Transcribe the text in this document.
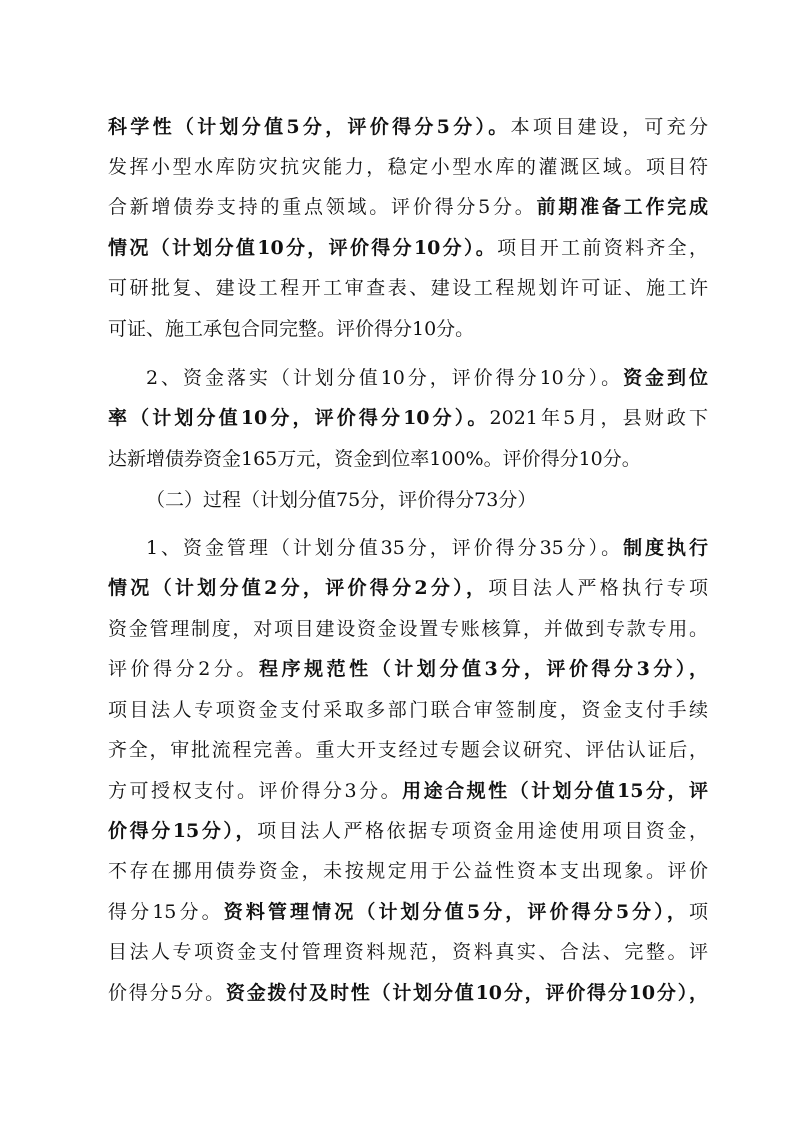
科学性（计划分值5分，评价得分5分）。本项目建设，可充分
发挥小型水库防灾抗灾能力，稳定小型水库的灌溉区域。项目符
合新增债券支持的重点领域。评价得分5分。前期准备工作完成
情况（计划分值10分，评价得分10分）。项目开工前资料齐全，
可研批复、建设工程开工审查表、建设工程规划许可证、施工许
可证、施工承包合同完整。评价得分10分。
2、资金落实（计划分值10分，评价得分10分）。资金到位
率（计划分值10分，评价得分10分）。2021年5月，县财政下
达新增债券资金165万元，资金到位率100%。评价得分10分。
（二）过程（计划分值75分，评价得分73分）
1、资金管理（计划分值35分，评价得分35分）。制度执行
情况（计划分值2分，评价得分2分），项目法人严格执行专项
资金管理制度，对项目建设资金设置专账核算，并做到专款专用。
评价得分2分。程序规范性（计划分值3分，评价得分3分），
项目法人专项资金支付采取多部门联合审签制度，资金支付手续
齐全，审批流程完善。重大开支经过专题会议研究、评估认证后，
方可授权支付。评价得分3分。用途合规性（计划分值15分，评
价得分15分），项目法人严格依据专项资金用途使用项目资金，
不存在挪用债券资金，未按规定用于公益性资本支出现象。评价
得分15分。资料管理情况（计划分值5分，评价得分5分），项
目法人专项资金支付管理资料规范，资料真实、合法、完整。评
价得分5分。资金拨付及时性（计划分值10分，评价得分10分），
